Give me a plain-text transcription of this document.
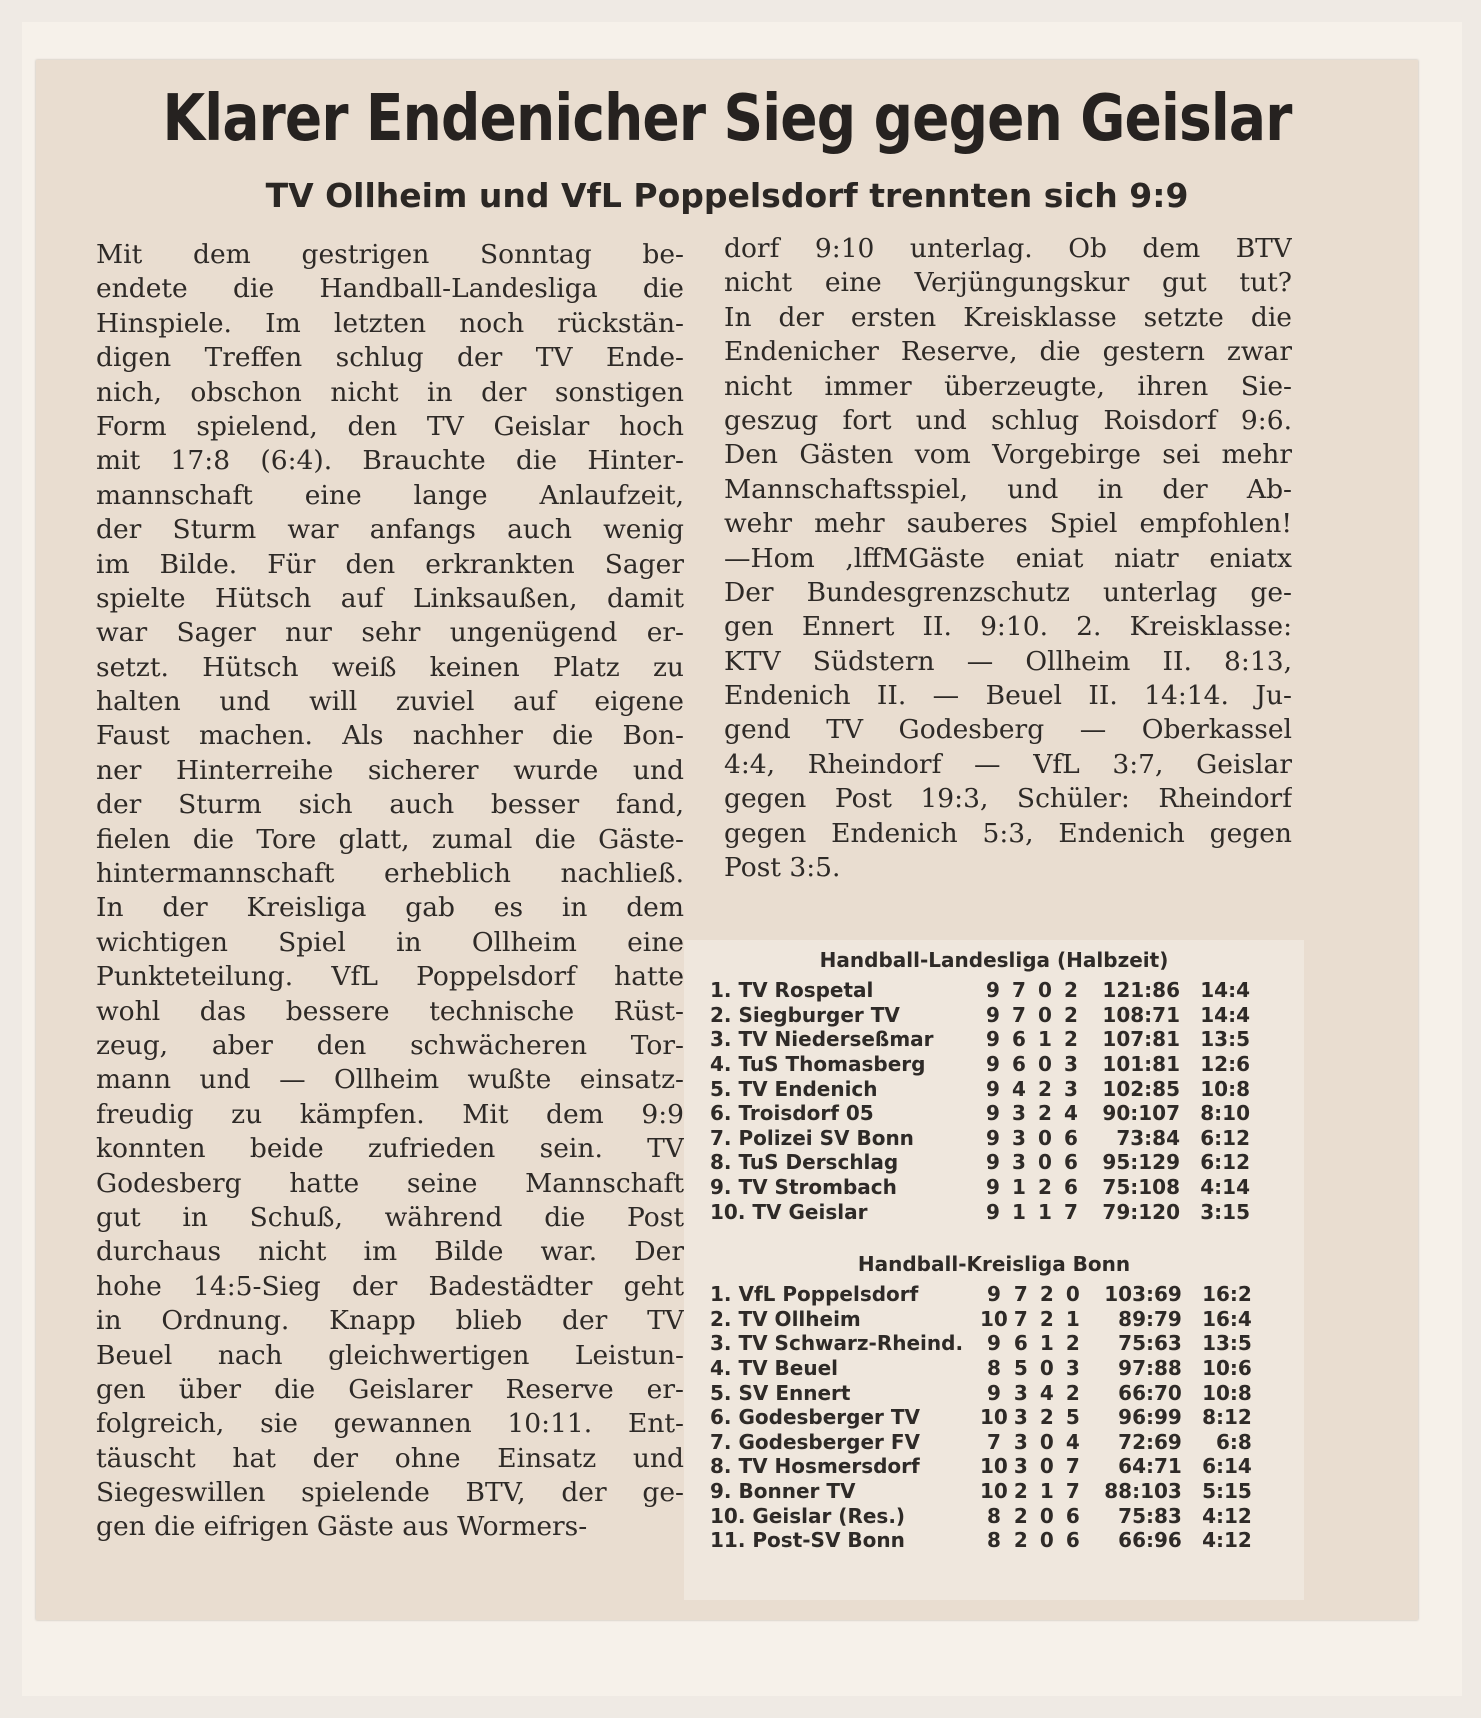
Klarer Endenicher Sieg gegen Geislar
TV Ollheim und VfL Poppelsdorf trennten sich 9:9
Mit dem gestrigen Sonntag be-
endete die Handball-Landesliga die
Hinspiele. Im letzten noch rückstän-
digen Treffen schlug der TV Ende-
nich, obschon nicht in der sonstigen
Form spielend, den TV Geislar hoch
mit 17:8 (6:4). Brauchte die Hinter-
mannschaft eine lange Anlaufzeit,
der Sturm war anfangs auch wenig
im Bilde. Für den erkrankten Sager
spielte Hütsch auf Linksaußen, damit
war Sager nur sehr ungenügend er-
setzt. Hütsch weiß keinen Platz zu
halten und will zuviel auf eigene
Faust machen. Als nachher die Bon-
ner Hinterreihe sicherer wurde und
der Sturm sich auch besser fand,
fielen die Tore glatt, zumal die Gäste-
hintermannschaft erheblich nachließ.
In der Kreisliga gab es in dem
wichtigen Spiel in Ollheim eine
Punkteteilung. VfL Poppelsdorf hatte
wohl das bessere technische Rüst-
zeug, aber den schwächeren Tor-
mann und — Ollheim wußte einsatz-
freudig zu kämpfen. Mit dem 9:9
konnten beide zufrieden sein. TV
Godesberg hatte seine Mannschaft
gut in Schuß, während die Post
durchaus nicht im Bilde war. Der
hohe 14:5-Sieg der Badestädter geht
in Ordnung. Knapp blieb der TV
Beuel nach gleichwertigen Leistun-
gen über die Geislarer Reserve er-
folgreich, sie gewannen 10:11. Ent-
täuscht hat der ohne Einsatz und
Siegeswillen spielende BTV, der ge-
gen die eifrigen Gäste aus Wormers-
dorf 9:10 unterlag. Ob dem BTV
nicht eine Verjüngungskur gut tut?
In der ersten Kreisklasse setzte die
Endenicher Reserve, die gestern zwar
nicht immer überzeugte, ihren Sie-
geszug fort und schlug Roisdorf 9:6.
Den Gästen vom Vorgebirge sei mehr
Mannschaftsspiel, und in der Ab-
wehr mehr sauberes Spiel empfohlen!
—Hom ,lffMGäste eniat niatr eniatx
Der Bundesgrenzschutz unterlag ge-
gen Ennert II. 9:10. 2. Kreisklasse:
KTV Südstern — Ollheim II. 8:13,
Endenich II. — Beuel II. 14:14. Ju-
gend TV Godesberg — Oberkassel
4:4, Rheindorf — VfL 3:7, Geislar
gegen Post 19:3, Schüler: Rheindorf
gegen Endenich 5:3, Endenich gegen
Post 3:5.
Handball-Landesliga (Halbzeit)
1. TV Rospetal	9	7	0	2	121:86	14:4
2. Siegburger TV	9	7	0	2	108:71	14:4
3. TV Niederseßmar	9	6	1	2	107:81	13:5
4. TuS Thomasberg	9	6	0	3	101:81	12:6
5. TV Endenich	9	4	2	3	102:85	10:8
6. Troisdorf 05	9	3	2	4	90:107	8:10
7. Polizei SV Bonn	9	3	0	6	73:84	6:12
8. TuS Derschlag	9	3	0	6	95:129	6:12
9. TV Strombach	9	1	2	6	75:108	4:14
10. TV Geislar	9	1	1	7	79:120	3:15
Handball-Kreisliga Bonn
1. VfL Poppelsdorf	9	7	2	0	103:69	16:2
2. TV Ollheim	10	7	2	1	89:79	16:4
3. TV Schwarz-Rheind.	9	6	1	2	75:63	13:5
4. TV Beuel	8	5	0	3	97:88	10:6
5. SV Ennert	9	3	4	2	66:70	10:8
6. Godesberger TV	10	3	2	5	96:99	8:12
7. Godesberger FV	7	3	0	4	72:69	6:8
8. TV Hosmersdorf	10	3	0	7	64:71	6:14
9. Bonner TV	10	2	1	7	88:103	5:15
10. Geislar (Res.)	8	2	0	6	75:83	4:12
11. Post-SV Bonn	8	2	0	6	66:96	4:12
